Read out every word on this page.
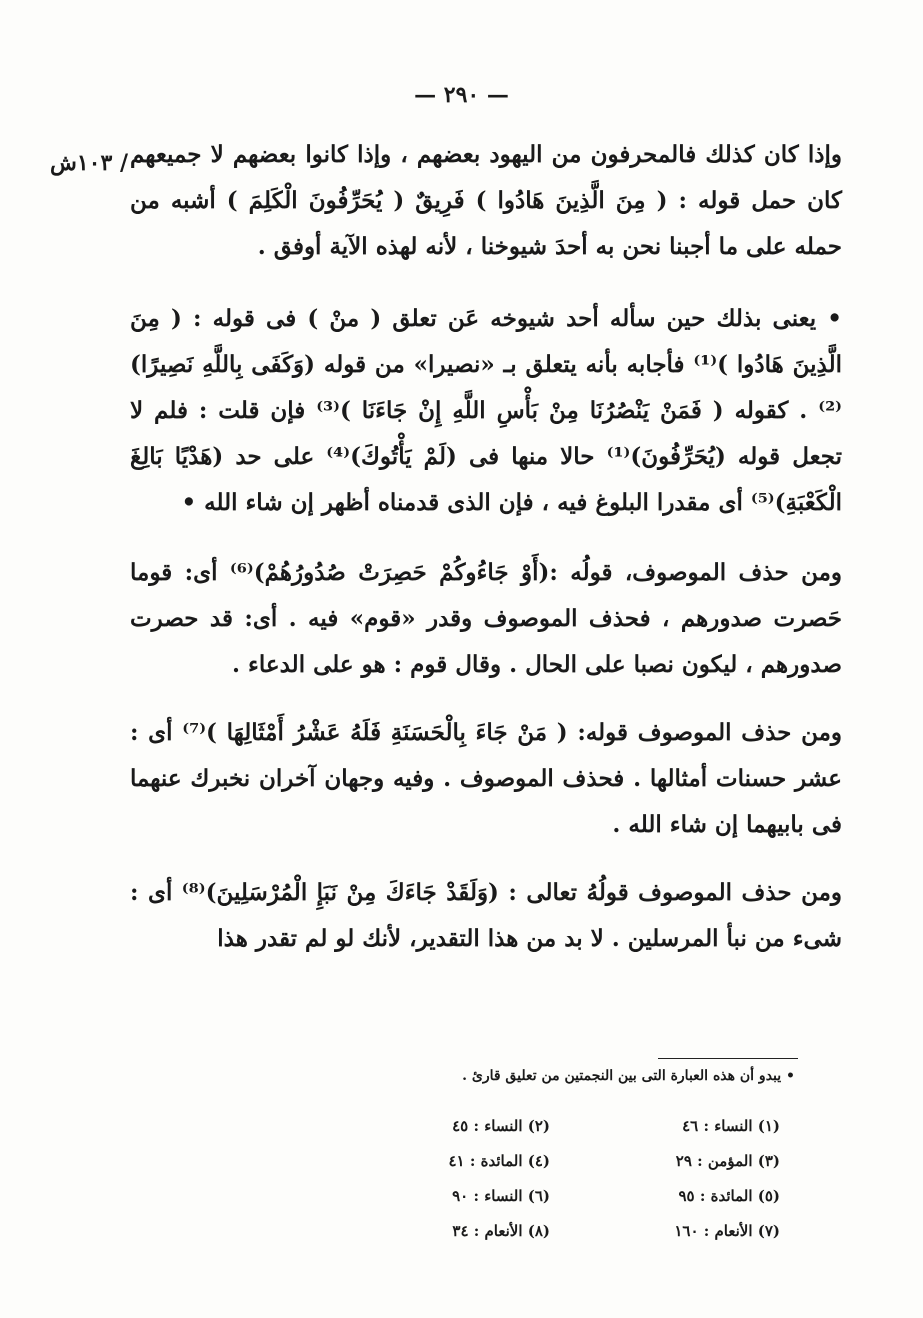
— ٢٩٠ —
/ ١٠٣ش وإذا كان كذلك فالمحرفون من اليهود بعضهم ، وإذا كانوا بعضهم لا جميعهم كان حمل قوله : ( مِنَ الَّذِينَ هَادُوا ) فَرِيقٌ ( يُحَرِّفُونَ الْكَلِمَ ) أشبه من حمله على ما أجبنا نحن به أحدَ شيوخنا ، لأنه لهذه الآية أوفق .

• يعنى بذلك حين سأله أحد شيوخه عَن تعلق ( منْ ) فى قوله : ( مِنَ الَّذِينَ هَادُوا )⁽¹⁾ فأجابه بأنه يتعلق بـ «نصيرا» من قوله (وَكَفَى بِاللَّهِ نَصِيرًا)⁽²⁾ . كقوله ( فَمَنْ يَنْصُرُنَا مِنْ بَأْسِ اللَّهِ إِنْ جَاءَنَا )⁽³⁾ فإن قلت : فلم لا تجعل قوله (يُحَرِّفُونَ)⁽¹⁾ حالا منها فى (لَمْ يَأْتُوكَ)⁽⁴⁾ على حد (هَدْيًا بَالِغَ الْكَعْبَةِ)⁽⁵⁾ أى مقدرا البلوغ فيه ، فإن الذى قدمناه أظهر إن شاء الله •

ومن حذف الموصوف، قولُه :(أَوْ جَاءُوكُمْ حَصِرَتْ صُدُورُهُمْ)⁽⁶⁾ أى: قوما حَصرت صدورهم ، فحذف الموصوف وقدر «قوم» فيه . أى: قد حصرت صدورهم ، ليكون نصبا على الحال . وقال قوم : هو على الدعاء .

ومن حذف الموصوف قوله: ( مَنْ جَاءَ بِالْحَسَنَةِ فَلَهُ عَشْرُ أَمْثَالِهَا )⁽⁷⁾ أى : عشر حسنات أمثالها . فحذف الموصوف . وفيه وجهان آخران نخبرك عنهما فى بابيهما إن شاء الله .

ومن حذف الموصوف قولُهُ تعالى : (وَلَقَدْ جَاءَكَ مِنْ نَبَإِ الْمُرْسَلِينَ)⁽⁸⁾ أى : شىء من نبأ المرسلين . لا بد من هذا التقدير، لأنك لو لم تقدر هذا

• يبدو أن هذه العبارة التى بين النجمتين من تعليق قارئ .
(١) النساء : ٤٦
(٢) النساء : ٤٥
(٣) المؤمن : ٢٩
(٤) المائدة : ٤١
(٥) المائدة : ٩٥
(٦) النساء : ٩٠
(٧) الأنعام : ١٦٠
(٨) الأنعام : ٣٤
